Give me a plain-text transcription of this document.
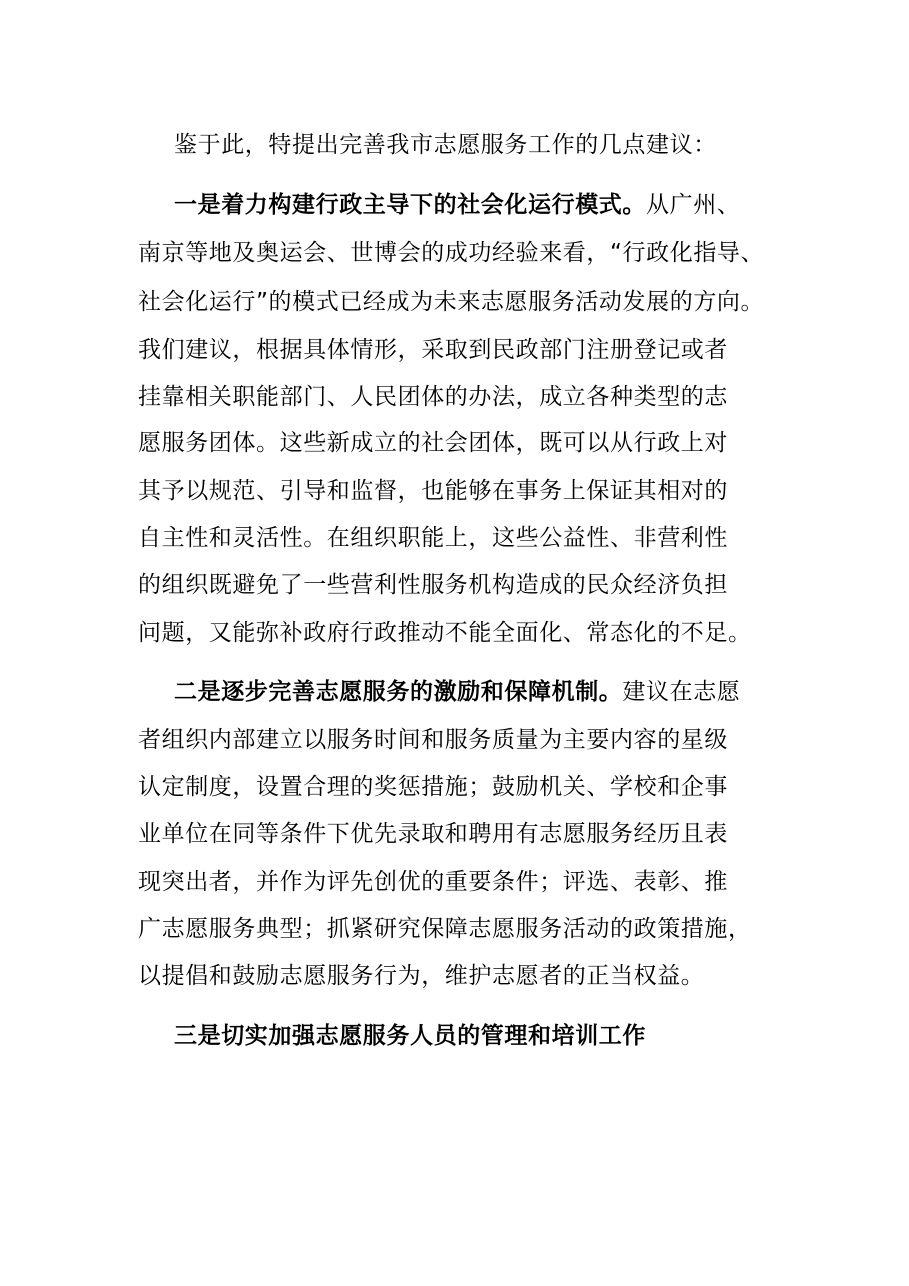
鉴于此，特提出完善我市志愿服务工作的几点建议：
一是着力构建行政主导下的社会化运行模式。从广州、
南京等地及奥运会、世博会的成功经验来看，“行政化指导、
社会化运行”的模式已经成为未来志愿服务活动发展的方向。
我们建议，根据具体情形，采取到民政部门注册登记或者
挂靠相关职能部门、人民团体的办法，成立各种类型的志
愿服务团体。这些新成立的社会团体，既可以从行政上对
其予以规范、引导和监督，也能够在事务上保证其相对的
自主性和灵活性。在组织职能上，这些公益性、非营利性
的组织既避免了一些营利性服务机构造成的民众经济负担
问题，又能弥补政府行政推动不能全面化、常态化的不足。
二是逐步完善志愿服务的激励和保障机制。建议在志愿
者组织内部建立以服务时间和服务质量为主要内容的星级
认定制度，设置合理的奖惩措施；鼓励机关、学校和企事
业单位在同等条件下优先录取和聘用有志愿服务经历且表
现突出者，并作为评先创优的重要条件；评选、表彰、推
广志愿服务典型；抓紧研究保障志愿服务活动的政策措施，
以提倡和鼓励志愿服务行为，维护志愿者的正当权益。
三是切实加强志愿服务人员的管理和培训工作
